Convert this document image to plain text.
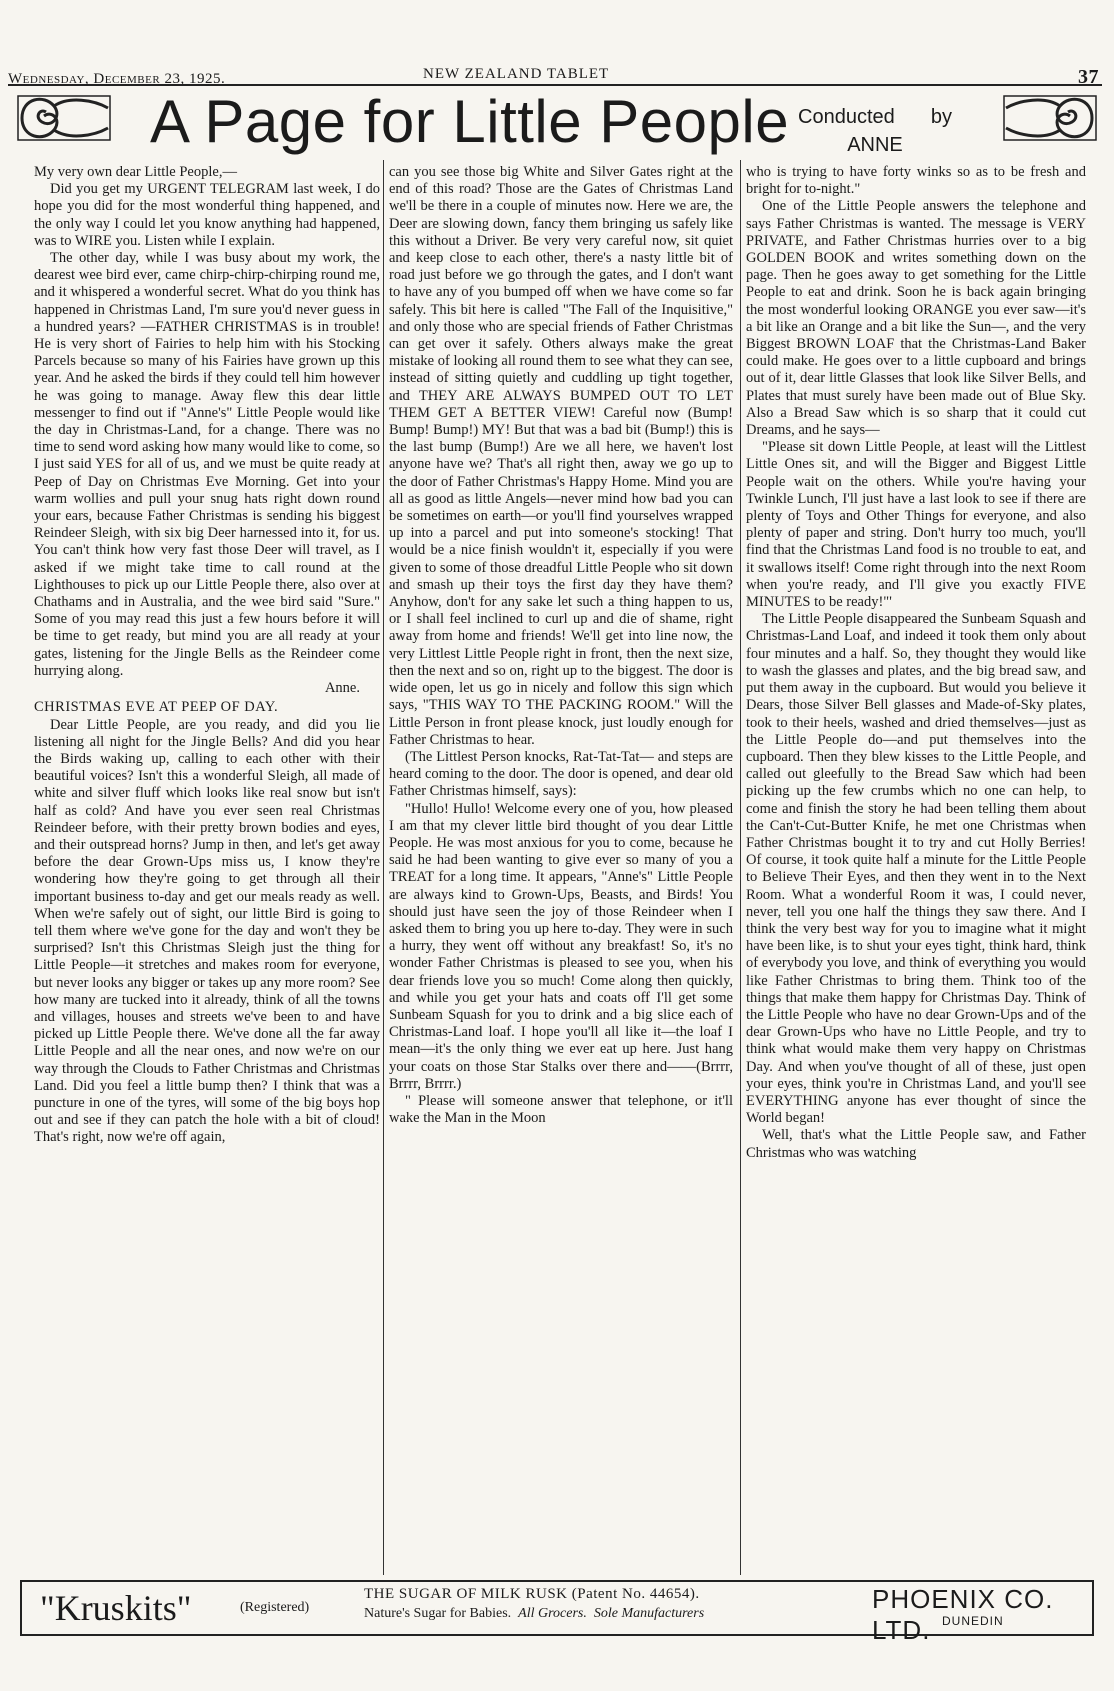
Wednesday, December 23, 1925.	NEW ZEALAND TABLET	37
A Page for Little People Conducted by
ANNE

My very own dear Little People,—

Did you get my URGENT TELEGRAM last week, I do hope you did for the most wonderful thing happened, and the only way I could let you know anything had happened, was to WIRE you. Listen while I explain.

The other day, while I was busy about my work, the dearest wee bird ever, came chirp-chirp-chirping round me, and it whispered a wonderful secret. What do you think has happened in Christmas Land, I'm sure you'd never guess in a hundred years? —FATHER CHRISTMAS is in trouble! He is very short of Fairies to help him with his Stocking Parcels because so many of his Fairies have grown up this year. And he asked the birds if they could tell him however he was going to manage. Away flew this dear little messenger to find out if "Anne's" Little People would like the day in Christmas-Land, for a change. There was no time to send word asking how many would like to come, so I just said YES for all of us, and we must be quite ready at Peep of Day on Christmas Eve Morning. Get into your warm wollies and pull your snug hats right down round your ears, because Father Christmas is sending his biggest Reindeer Sleigh, with six big Deer harnessed into it, for us. You can't think how very fast those Deer will travel, as I asked if we might take time to call round at the Lighthouses to pick up our Little People there, also over at Chathams and in Australia, and the wee bird said "Sure." Some of you may read this just a few hours before it will be time to get ready, but mind you are all ready at your gates, listening for the Jingle Bells as the Reindeer come hurrying along.

Anne.

CHRISTMAS EVE AT PEEP OF DAY.

Dear Little People, are you ready, and did you lie listening all night for the Jingle Bells? And did you hear the Birds waking up, calling to each other with their beautiful voices? Isn't this a wonderful Sleigh, all made of white and silver fluff which looks like real snow but isn't half as cold? And have you ever seen real Christmas Reindeer before, with their pretty brown bodies and eyes, and their outspread horns? Jump in then, and let's get away before the dear Grown-Ups miss us, I know they're wondering how they're going to get through all their important business to-day and get our meals ready as well. When we're safely out of sight, our little Bird is going to tell them where we've gone for the day and won't they be surprised? Isn't this Christmas Sleigh just the thing for Little People—it stretches and makes room for everyone, but never looks any bigger or takes up any more room? See how many are tucked into it already, think of all the towns and villages, houses and streets we've been to and have picked up Little People there. We've done all the far away Little People and all the near ones, and now we're on our way through the Clouds to Father Christmas and Christmas Land. Did you feel a little bump then? I think that was a puncture in one of the tyres, will some of the big boys hop out and see if they can patch the hole with a bit of cloud! That's right, now we're off again,

can you see those big White and Silver Gates right at the end of this road? Those are the Gates of Christmas Land we'll be there in a couple of minutes now. Here we are, the Deer are slowing down, fancy them bringing us safely like this without a Driver. Be very very careful now, sit quiet and keep close to each other, there's a nasty little bit of road just before we go through the gates, and I don't want to have any of you bumped off when we have come so far safely. This bit here is called "The Fall of the Inquisitive," and only those who are special friends of Father Christmas can get over it safely. Others always make the great mistake of looking all round them to see what they can see, instead of sitting quietly and cuddling up tight together, and THEY ARE ALWAYS BUMPED OUT TO LET THEM GET A BETTER VIEW! Careful now (Bump! Bump! Bump!) MY! But that was a bad bit (Bump!) this is the last bump (Bump!) Are we all here, we haven't lost anyone have we? That's all right then, away we go up to the door of Father Christmas's Happy Home. Mind you are all as good as little Angels—never mind how bad you can be sometimes on earth—or you'll find yourselves wrapped up into a parcel and put into someone's stocking! That would be a nice finish wouldn't it, especially if you were given to some of those dreadful Little People who sit down and smash up their toys the first day they have them? Anyhow, don't for any sake let such a thing happen to us, or I shall feel inclined to curl up and die of shame, right away from home and friends! We'll get into line now, the very Littlest Little People right in front, then the next size, then the next and so on, right up to the biggest. The door is wide open, let us go in nicely and follow this sign which says, "THIS WAY TO THE PACKING ROOM." Will the Little Person in front please knock, just loudly enough for Father Christmas to hear.

(The Littlest Person knocks, Rat-Tat-Tat— and steps are heard coming to the door. The door is opened, and dear old Father Christmas himself, says):

"Hullo! Hullo! Welcome every one of you, how pleased I am that my clever little bird thought of you dear Little People. He was most anxious for you to come, because he said he had been wanting to give ever so many of you a TREAT for a long time. It appears, "Anne's" Little People are always kind to Grown-Ups, Beasts, and Birds! You should just have seen the joy of those Reindeer when I asked them to bring you up here to-day. They were in such a hurry, they went off without any breakfast! So, it's no wonder Father Christmas is pleased to see you, when his dear friends love you so much! Come along then quickly, and while you get your hats and coats off I'll get some Sunbeam Squash for you to drink and a big slice each of Christmas-Land loaf. I hope you'll all like it—the loaf I mean—it's the only thing we ever eat up here. Just hang your coats on those Star Stalks over there and——(Brrrr, Brrrr, Brrrr.)

" Please will someone answer that telephone, or it'll wake the Man in the Moon

who is trying to have forty winks so as to be fresh and bright for to-night."

One of the Little People answers the telephone and says Father Christmas is wanted. The message is VERY PRIVATE, and Father Christmas hurries over to a big GOLDEN BOOK and writes something down on the page. Then he goes away to get something for the Little People to eat and drink. Soon he is back again bringing the most wonderful looking ORANGE you ever saw—it's a bit like an Orange and a bit like the Sun—, and the very Biggest BROWN LOAF that the Christmas-Land Baker could make. He goes over to a little cupboard and brings out of it, dear little Glasses that look like Silver Bells, and Plates that must surely have been made out of Blue Sky. Also a Bread Saw which is so sharp that it could cut Dreams, and he says—

"Please sit down Little People, at least will the Littlest Little Ones sit, and will the Bigger and Biggest Little People wait on the others. While you're having your Twinkle Lunch, I'll just have a last look to see if there are plenty of Toys and Other Things for everyone, and also plenty of paper and string. Don't hurry too much, you'll find that the Christmas Land food is no trouble to eat, and it swallows itself! Come right through into the next Room when you're ready, and I'll give you exactly FIVE MINUTES to be ready!"'

The Little People disappeared the Sunbeam Squash and Christmas-Land Loaf, and indeed it took them only about four minutes and a half. So, they thought they would like to wash the glasses and plates, and the big bread saw, and put them away in the cupboard. But would you believe it Dears, those Silver Bell glasses and Made-of-Sky plates, took to their heels, washed and dried themselves—just as the Little People do—and put themselves into the cupboard. Then they blew kisses to the Little People, and called out gleefully to the Bread Saw which had been picking up the few crumbs which no one can help, to come and finish the story he had been telling them about the Can't-Cut-Butter Knife, he met one Christmas when Father Christmas bought it to try and cut Holly Berries! Of course, it took quite half a minute for the Little People to Believe Their Eyes, and then they went in to the Next Room. What a wonderful Room it was, I could never, never, tell you one half the things they saw there. And I think the very best way for you to imagine what it might have been like, is to shut your eyes tight, think hard, think of everybody you love, and think of everything you would like Father Christmas to bring them. Think too of the things that make them happy for Christmas Day. Think of the Little People who have no dear Grown-Ups and of the dear Grown-Ups who have no Little People, and try to think what would make them very happy on Christmas Day. And when you've thought of all of these, just open your eyes, think you're in Christmas Land, and you'll see EVERYTHING anyone has ever thought of since the World began!

Well, that's what the Little People saw, and Father Christmas who was watching

"Kruskits"	(Registered)
THE SUGAR OF MILK RUSK (Patent No. 44654).
Nature's Sugar for Babies. All Grocers. Sole Manufacturers	PHOENIX CO. LTD. DUNEDIN
